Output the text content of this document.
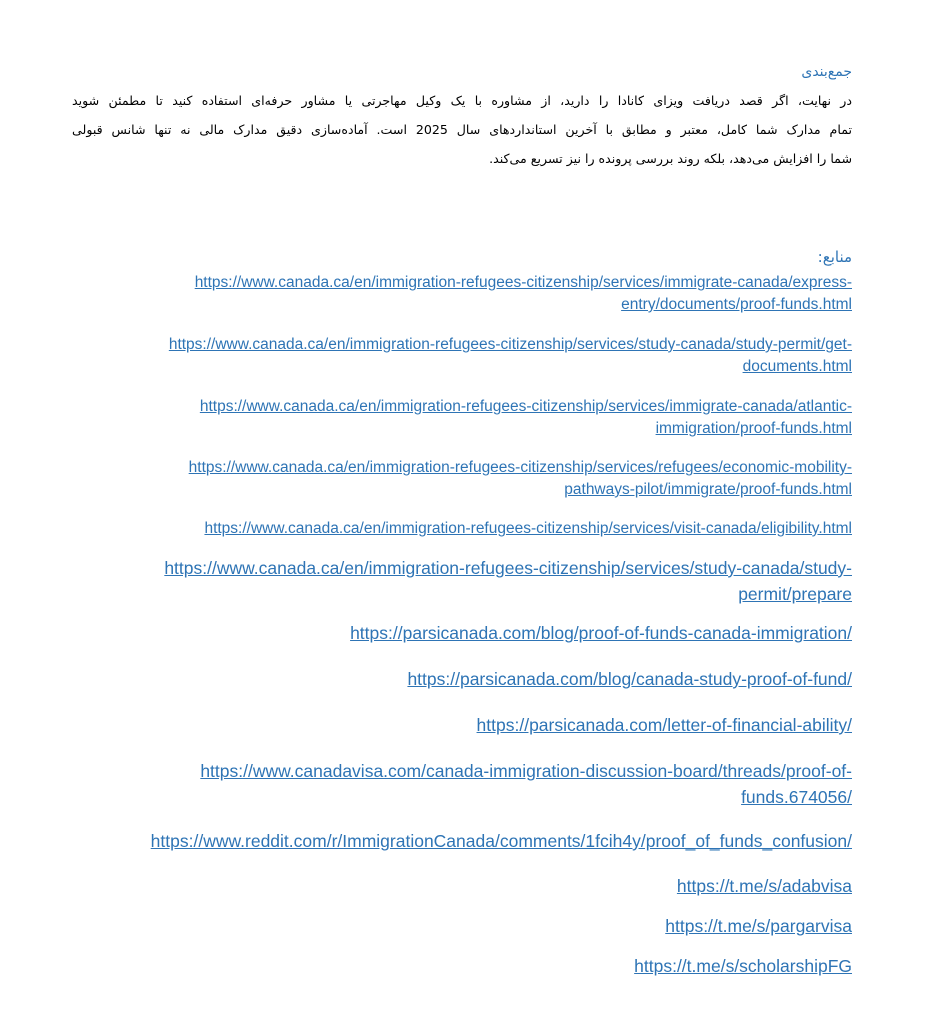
جمع‌بندی
در نهایت، اگر قصد دریافت ویزای کانادا را دارید، از مشاوره با یک وکیل مهاجرتی یا مشاور حرفه‌ای استفاده کنید تا مطمئن شوید
تمام مدارک شما کامل، معتبر و مطابق با آخرین استانداردهای سال 2025 است. آماده‌سازی دقیق مدارک مالی نه تنها شانس قبولی
شما را افزایش می‌دهد، بلکه روند بررسی پرونده را نیز تسریع می‌کند.
منابع:
https://www.canada.ca/en/immigration-refugees-citizenship/services/immigrate-canada/express-
entry/documents/proof-funds.html
https://www.canada.ca/en/immigration-refugees-citizenship/services/study-canada/study-permit/get-
documents.html
https://www.canada.ca/en/immigration-refugees-citizenship/services/immigrate-canada/atlantic-
immigration/proof-funds.html
https://www.canada.ca/en/immigration-refugees-citizenship/services/refugees/economic-mobility-
pathways-pilot/immigrate/proof-funds.html
https://www.canada.ca/en/immigration-refugees-citizenship/services/visit-canada/eligibility.html
https://www.canada.ca/en/immigration-refugees-citizenship/services/study-canada/study-
permit/prepare
https://parsicanada.com/blog/proof-of-funds-canada-immigration/
https://parsicanada.com/blog/canada-study-proof-of-fund/
https://parsicanada.com/letter-of-financial-ability/
https://www.canadavisa.com/canada-immigration-discussion-board/threads/proof-of-
funds.674056/
https://www.reddit.com/r/ImmigrationCanada/comments/1fcih4y/proof_of_funds_confusion/
https://t.me/s/adabvisa
https://t.me/s/pargarvisa
https://t.me/s/scholarshipFG
